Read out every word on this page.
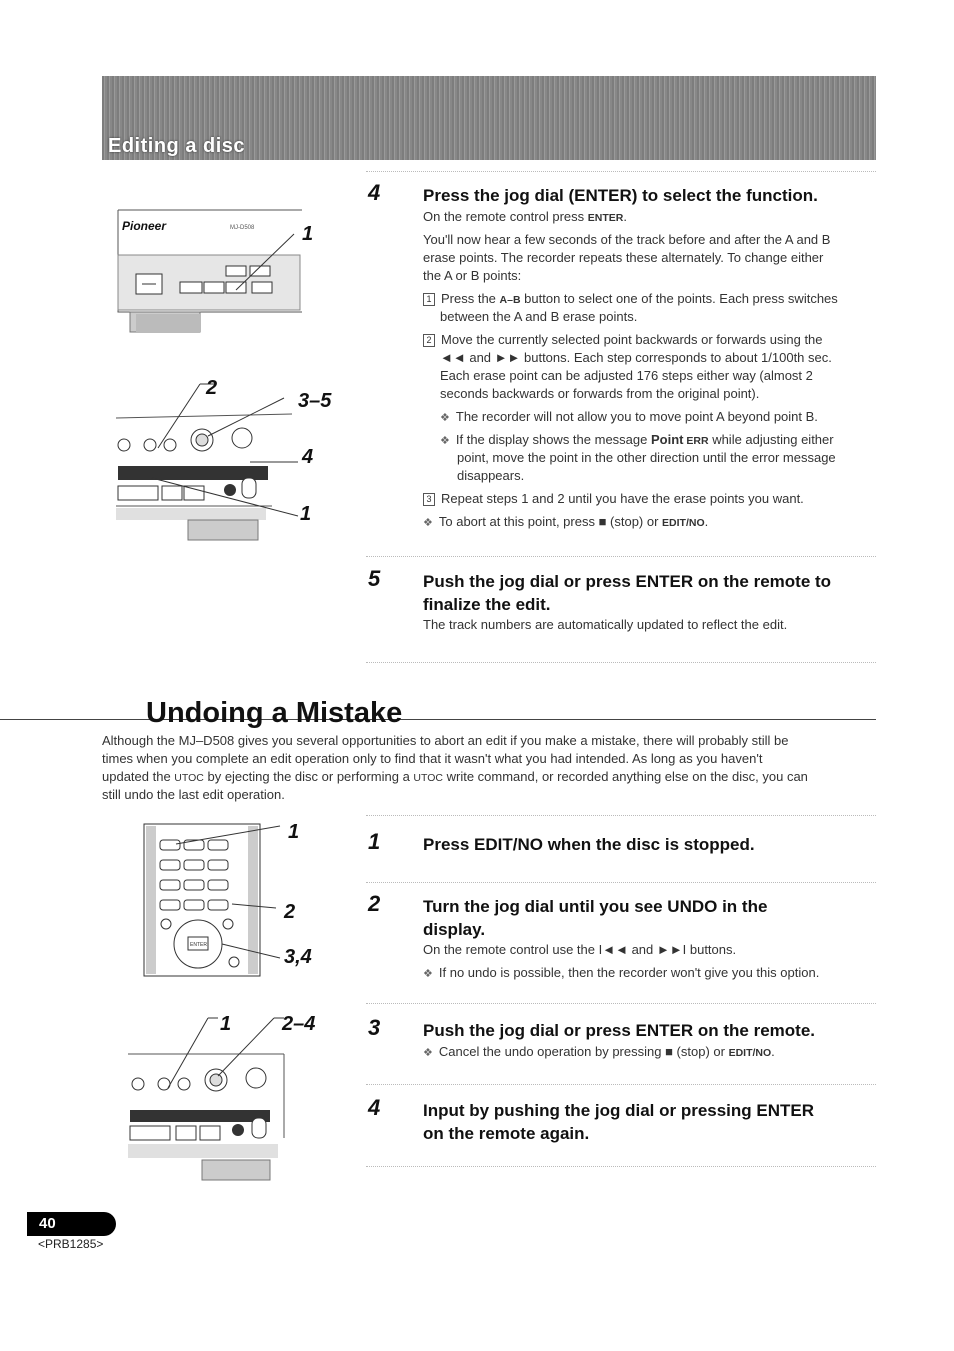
Editing a disc
Pioneer	MJ-D508 1
2
3–5
4
1
4	Press the jog dial (ENTER) to select the function.
On the remote control press ENTER.
You'll now hear a few seconds of the track before and after the A and B
erase points. The recorder repeats these alternately. To change either
the A or B points:
1 Press the A–B button to select one of the points. Each press switches
between the A and B erase points.
2 Move the currently selected point backwards or forwards using the
◄◄ and ►► buttons. Each step corresponds to about 1/100th sec.
Each erase point can be adjusted 176 steps either way (almost 2
seconds backwards or forwards from the original point).
❖ The recorder will not allow you to move point A beyond point B.
❖ If the display shows the message Point ERR while adjusting either
point, move the point in the other direction until the error message
disappears.
3 Repeat steps 1 and 2 until you have the erase points you want.
❖ To abort at this point, press ■ (stop) or EDIT/NO.
5	Push the jog dial or press ENTER on the remote to
finalize the edit.
The track numbers are automatically updated to reflect the edit.
Undoing a Mistake
Although the MJ–D508 gives you several opportunities to abort an edit if you make a mistake, there will probably still be
times when you complete an edit operation only to find that it wasn't what you had intended. As long as you haven't
updated the UTOC by ejecting the disc or performing a UTOC write command, or recorded anything else on the disc, you can
still undo the last edit operation.
ENTER
1
2
3,4
1	2–4
1	Press EDIT/NO when the disc is stopped.
2	Turn the jog dial until you see UNDO in the
display.
On the remote control use the I◄◄ and ►►I buttons.
❖ If no undo is possible, then the recorder won't give you this option.
3	Push the jog dial or press ENTER on the remote.
❖ Cancel the undo operation by pressing ■ (stop) or EDIT/NO.
4	Input by pushing the jog dial or pressing ENTER
on the remote again.
40
<PRB1285>
